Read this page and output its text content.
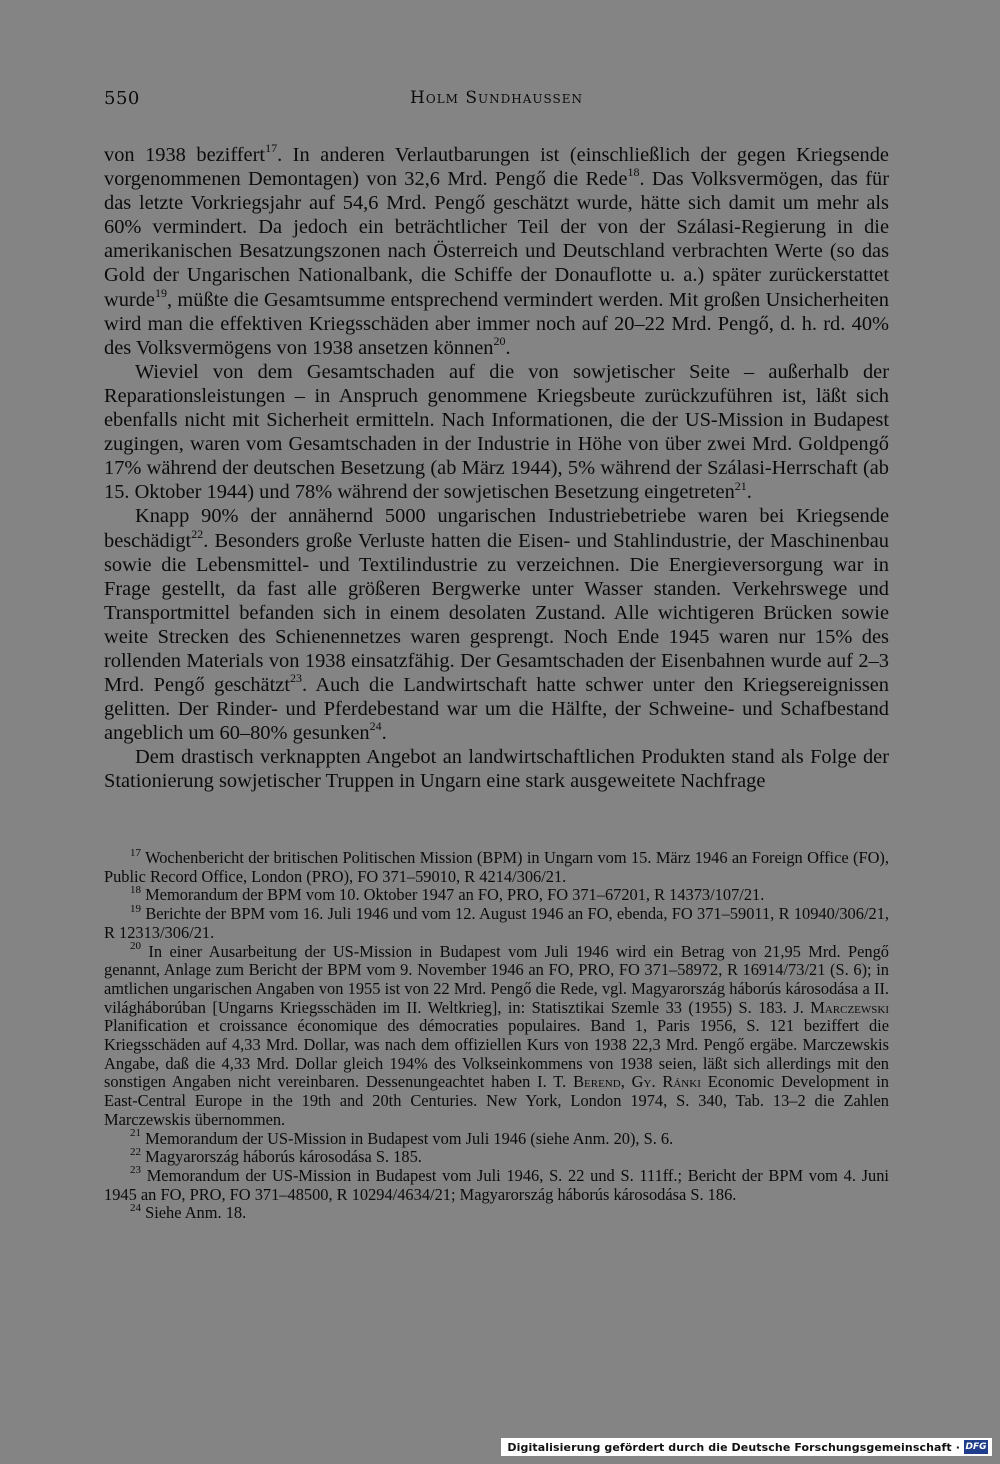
550	Holm Sundhaussen

von 1938 beziffert$^{17}$. In anderen Verlautbarungen ist (einschließlich der gegen Kriegsende vorgenommenen Demontagen) von 32,6 Mrd. Pengő die Rede$^{18}$. Das Volksvermögen, das für das letzte Vorkriegsjahr auf 54,6 Mrd. Pengő geschätzt wurde, hätte sich damit um mehr als 60% vermindert. Da jedoch ein beträchtlicher Teil der von der Szálasi-Regierung in die amerikanischen Besatzungszonen nach Österreich und Deutschland verbrachten Werte (so das Gold der Ungarischen Nationalbank, die Schiffe der Donauflotte u. a.) später zurückerstattet wurde$^{19}$, müßte die Gesamtsumme entsprechend vermindert werden. Mit großen Unsicherheiten wird man die effektiven Kriegsschäden aber immer noch auf 20–22 Mrd. Pengő, d. h. rd. 40% des Volksvermögens von 1938 ansetzen können$^{20}$.

Wieviel von dem Gesamtschaden auf die von sowjetischer Seite – außerhalb der Reparationsleistungen – in Anspruch genommene Kriegsbeute zurückzuführen ist, läßt sich ebenfalls nicht mit Sicherheit ermitteln. Nach Informationen, die der US-Mission in Budapest zugingen, waren vom Gesamtschaden in der Industrie in Höhe von über zwei Mrd. Goldpengő 17% während der deutschen Besetzung (ab März 1944), 5% während der Szálasi-Herrschaft (ab 15. Oktober 1944) und 78% während der sowjetischen Besetzung eingetreten$^{21}$.

Knapp 90% der annähernd 5000 ungarischen Industriebetriebe waren bei Kriegsende beschädigt$^{22}$. Besonders große Verluste hatten die Eisen- und Stahlindustrie, der Maschinenbau sowie die Lebensmittel- und Textilindustrie zu verzeichnen. Die Energieversorgung war in Frage gestellt, da fast alle größeren Bergwerke unter Wasser standen. Verkehrswege und Transportmittel befanden sich in einem desolaten Zustand. Alle wichtigeren Brücken sowie weite Strecken des Schienennetzes waren gesprengt. Noch Ende 1945 waren nur 15% des rollenden Materials von 1938 einsatzfähig. Der Gesamtschaden der Eisenbahnen wurde auf 2–3 Mrd. Pengő geschätzt$^{23}$. Auch die Landwirtschaft hatte schwer unter den Kriegsereignissen gelitten. Der Rinder- und Pferdebestand war um die Hälfte, der Schweine- und Schafbestand angeblich um 60–80% gesunken$^{24}$.

Dem drastisch verknappten Angebot an landwirtschaftlichen Produkten stand als Folge der Stationierung sowjetischer Truppen in Ungarn eine stark ausgeweitete Nachfrage

$^{17}$ Wochenbericht der britischen Politischen Mission (BPM) in Ungarn vom 15. März 1946 an Foreign Office (FO), Public Record Office, London (PRO), FO 371–59010, R 4214/306/21.

$^{18}$ Memorandum der BPM vom 10. Oktober 1947 an FO, PRO, FO 371–67201, R 14373/107/21.

$^{19}$ Berichte der BPM vom 16. Juli 1946 und vom 12. August 1946 an FO, ebenda, FO 371–59011, R 10940/306/21, R 12313/306/21.

$^{20}$ In einer Ausarbeitung der US-Mission in Budapest vom Juli 1946 wird ein Betrag von 21,95 Mrd. Pengő genannt, Anlage zum Bericht der BPM vom 9. November 1946 an FO, PRO, FO 371–58972, R 16914/73/21 (S. 6); in amtlichen ungarischen Angaben von 1955 ist von 22 Mrd. Pengő die Rede, vgl. Magyarország háborús károsodása a II. világháborúban [Ungarns Kriegsschäden im II. Weltkrieg], in: Statisztikai Szemle 33 (1955) S. 183. J. Marczewski Planification et croissance économique des démocraties populaires. Band 1, Paris 1956, S. 121 beziffert die Kriegsschäden auf 4,33 Mrd. Dollar, was nach dem offiziellen Kurs von 1938 22,3 Mrd. Pengő ergäbe. Marczewskis Angabe, daß die 4,33 Mrd. Dollar gleich 194% des Volkseinkommens von 1938 seien, läßt sich allerdings mit den sonstigen Angaben nicht vereinbaren. Dessenungeachtet haben I. T. Berend, Gy. Ránki Economic Development in East-Central Europe in the 19th and 20th Centuries. New York, London 1974, S. 340, Tab. 13–2 die Zahlen Marczewskis übernommen.

$^{21}$ Memorandum der US-Mission in Budapest vom Juli 1946 (siehe Anm. 20), S. 6.

$^{22}$ Magyarország háborús károsodása S. 185.

$^{23}$ Memorandum der US-Mission in Budapest vom Juli 1946, S. 22 und S. 111ff.; Bericht der BPM vom 4. Juni 1945 an FO, PRO, FO 371–48500, R 10294/4634/21; Magyarország háborús károsodása S. 186.

$^{24}$ Siehe Anm. 18.

Digitalisierung gefördert durch die Deutsche Forschungsgemeinschaft · DFG
